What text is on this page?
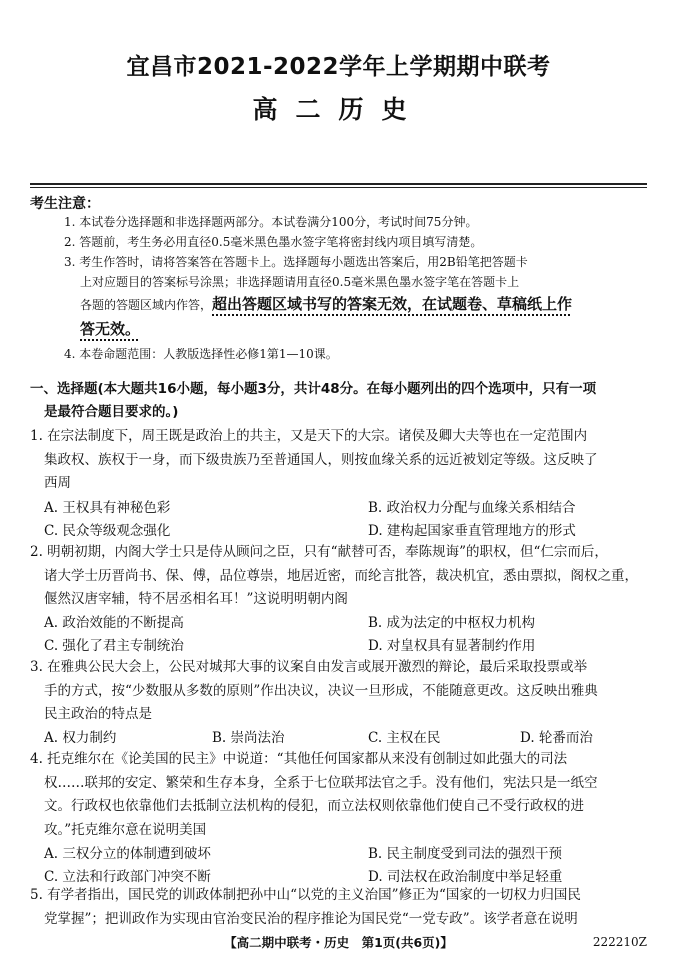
宜昌市2021-2022学年上学期期中联考
高二历史
考生注意：
1. 本试卷分选择题和非选择题两部分。本试卷满分100分，考试时间75分钟。
2. 答题前，考生务必用直径0.5毫米黑色墨水签字笔将密封线内项目填写清楚。
3. 考生作答时，请将答案答在答题卡上。选择题每小题选出答案后，用2B铅笔把答题卡
上对应题目的答案标号涂黑；非选择题请用直径0.5毫米黑色墨水签字笔在答题卡上
各题的答题区域内作答，超出答题区域书写的答案无效，在试题卷、草稿纸上作
答无效。
4. 本卷命题范围：人教版选择性必修1第1—10课。
一、选择题(本大题共16小题，每小题3分，共计48分。在每小题列出的四个选项中，只有一项
是最符合题目要求的。)
1. 在宗法制度下，周王既是政治上的共主，又是天下的大宗。诸侯及卿大夫等也在一定范围内
集政权、族权于一身，而下级贵族乃至普通国人，则按血缘关系的远近被划定等级。这反映了
西周
A. 王权具有神秘色彩	B. 政治权力分配与血缘关系相结合
C. 民众等级观念强化	D. 建构起国家垂直管理地方的形式
2. 明朝初期，内阁大学士只是侍从顾问之臣，只有“献替可否，奉陈规诲”的职权，但“仁宗而后，
诸大学士历晋尚书、保、傅，品位尊崇，地居近密，而纶言批答，裁决机宜，悉由票拟，阁权之重，
偃然汉唐宰辅，特不居丞相名耳！”这说明明朝内阁
A. 政治效能的不断提高	B. 成为法定的中枢权力机构
C. 强化了君主专制统治	D. 对皇权具有显著制约作用
3. 在雅典公民大会上，公民对城邦大事的议案自由发言或展开激烈的辩论，最后采取投票或举
手的方式，按“少数服从多数的原则”作出决议，决议一旦形成，不能随意更改。这反映出雅典
民主政治的特点是
A. 权力制约	B. 崇尚法治	C. 主权在民	D. 轮番而治
4. 托克维尔在《论美国的民主》中说道：“其他任何国家都从来没有创制过如此强大的司法
权……联邦的安定、繁荣和生存本身，全系于七位联邦法官之手。没有他们，宪法只是一纸空
文。行政权也依靠他们去抵制立法机构的侵犯，而立法权则依靠他们使自己不受行政权的进
攻。”托克维尔意在说明美国
A. 三权分立的体制遭到破坏	B. 民主制度受到司法的强烈干预
C. 立法和行政部门冲突不断	D. 司法权在政治制度中举足轻重
5. 有学者指出，国民党的训政体制把孙中山“以党的主义治国”修正为“国家的一切权力归国民
党掌握”；把训政作为实现由官治变民治的程序推论为国民党“一党专政”。该学者意在说明
【高二期中联考・历史　第1页(共6页)】	222210Z
